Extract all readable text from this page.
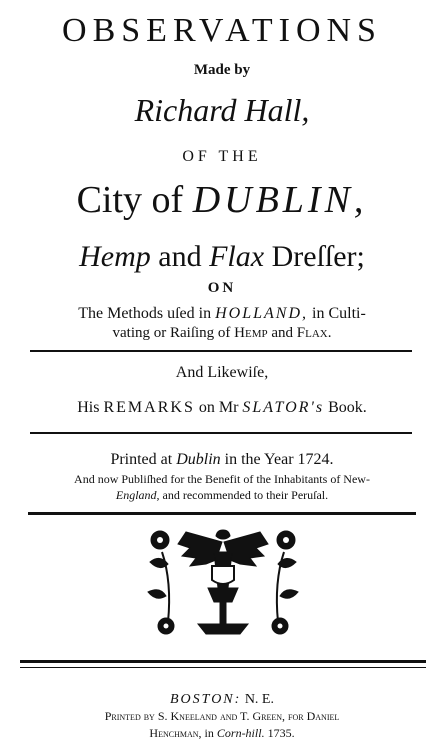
OBSERVATIONS
Made by
Richard Hall,
OF THE
City of DUBLIN,
Hemp and Flax Dreſſer;
ON
The Methods uſed in HOLLAND, in Culti-
vating or Raiſing of Hemp and Flax.
And Likewiſe,
His REMARKS on Mr SLATOR's Book.
Printed at Dublin in the Year 1724.
And now Publiſhed for the Benefit of the Inhabitants of New-
England, and recommended to their Peruſal.
BOSTON: N. E.
Printed by S. Kneeland and T. Green, for Daniel
Henchman, in Corn-hill. 1735.
